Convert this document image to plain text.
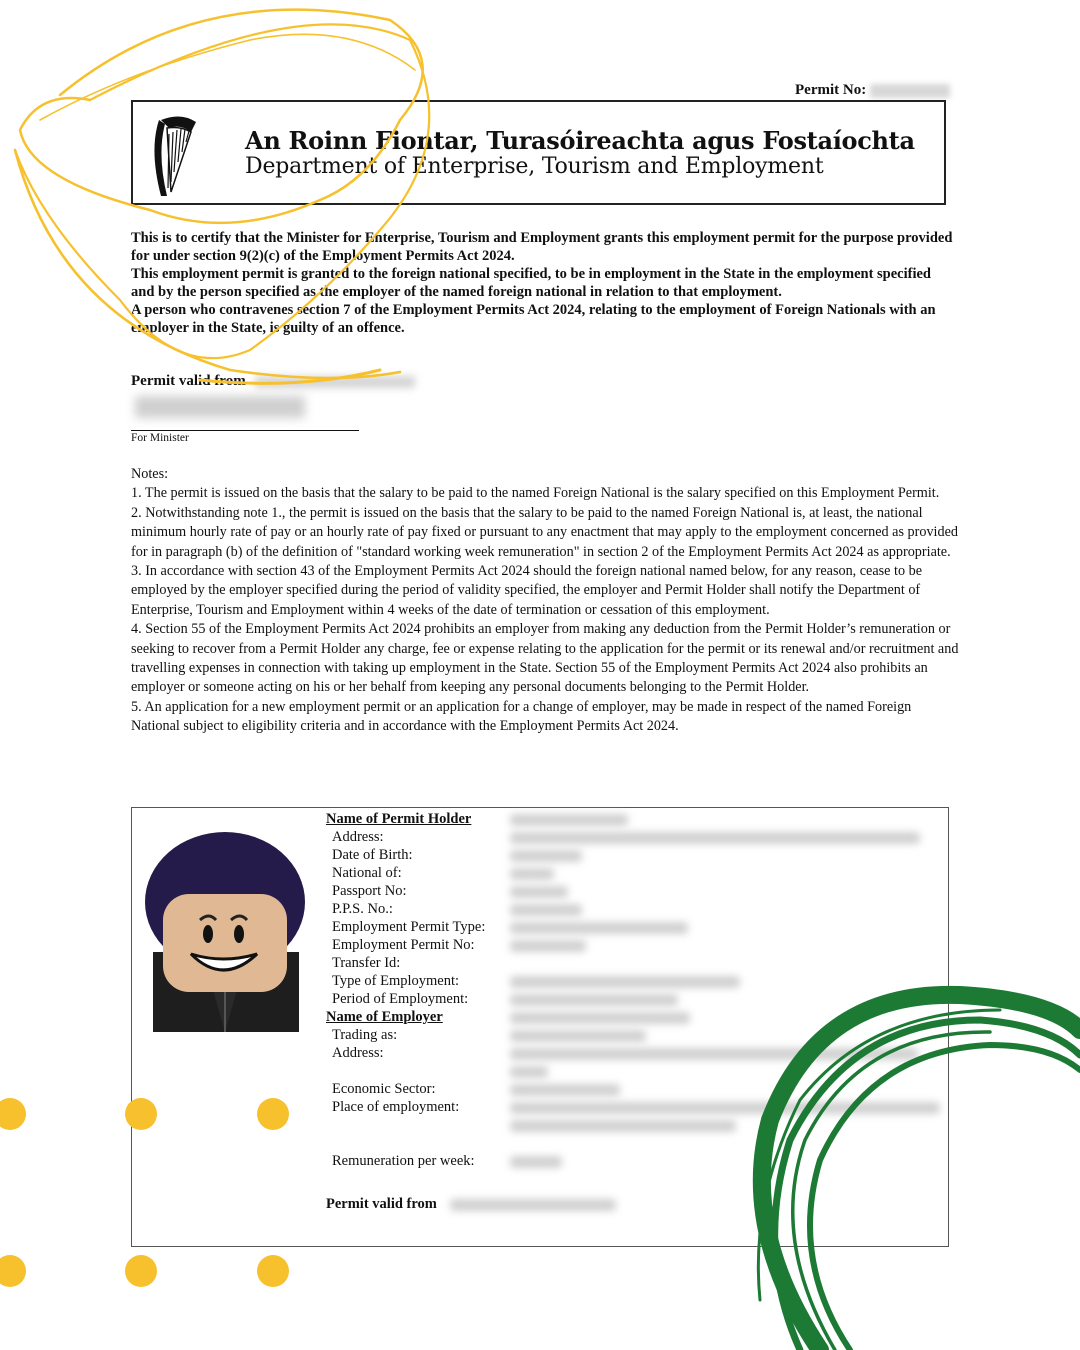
Permit No:
An Roinn Fiontar, Turasóireachta agus Fostaíochta
Department of Enterprise, Tourism and Employment

This is to certify that the Minister for Enterprise, Tourism and Employment grants this employment permit for the purpose provided for under section 9(2)(c) of the Employment Permits Act 2024.

This employment permit is granted to the foreign national specified, to be in employment in the State in the employment specified and by the person specified as the employer of the named foreign national in relation to that employment.

A person who contravenes section 7 of the Employment Permits Act 2024, relating to the employment of Foreign Nationals with an employer in the State, is guilty of an offence.

Permit valid from
For Minister

Notes:

1. The permit is issued on the basis that the salary to be paid to the named Foreign National is the salary specified on this Employment Permit.

2. Notwithstanding note 1., the permit is issued on the basis that the salary to be paid to the named Foreign National is, at least, the national minimum hourly rate of pay or an hourly rate of pay fixed or pursuant to any enactment that may apply to the employment concerned as provided for in paragraph (b) of the definition of "standard working week remuneration" in section 2 of the Employment Permits Act 2024 as appropriate.

3. In accordance with section 43 of the Employment Permits Act 2024 should the foreign national named below, for any reason, cease to be employed by the employer specified during the period of validity specified, the employer and Permit Holder shall notify the Department of Enterprise, Tourism and Employment within 4 weeks of the date of termination or cessation of this employment.

4. Section 55 of the Employment Permits Act 2024 prohibits an employer from making any deduction from the Permit Holder’s remuneration or seeking to recover from a Permit Holder any charge, fee or expense relating to the application for the permit or its renewal and/or recruitment and travelling expenses in connection with taking up employment in the State. Section 55 of the Employment Permits Act 2024 also prohibits an employer or someone acting on his or her behalf from keeping any personal documents belonging to the Permit Holder.

5. An application for a new employment permit or an application for a change of employer, may be made in respect of the named Foreign National subject to eligibility criteria and in accordance with the Employment Permits Act 2024.

Name of Permit Holder
Address:
Date of Birth:
National of:
Passport No:
P.P.S. No.:
Employment Permit Type:
Employment Permit No:
Transfer Id:
Type of Employment:
Period of Employment:
Name of Employer
Trading as:
Address:
Economic Sector:
Place of employment:
Remuneration per week:
Permit valid from
